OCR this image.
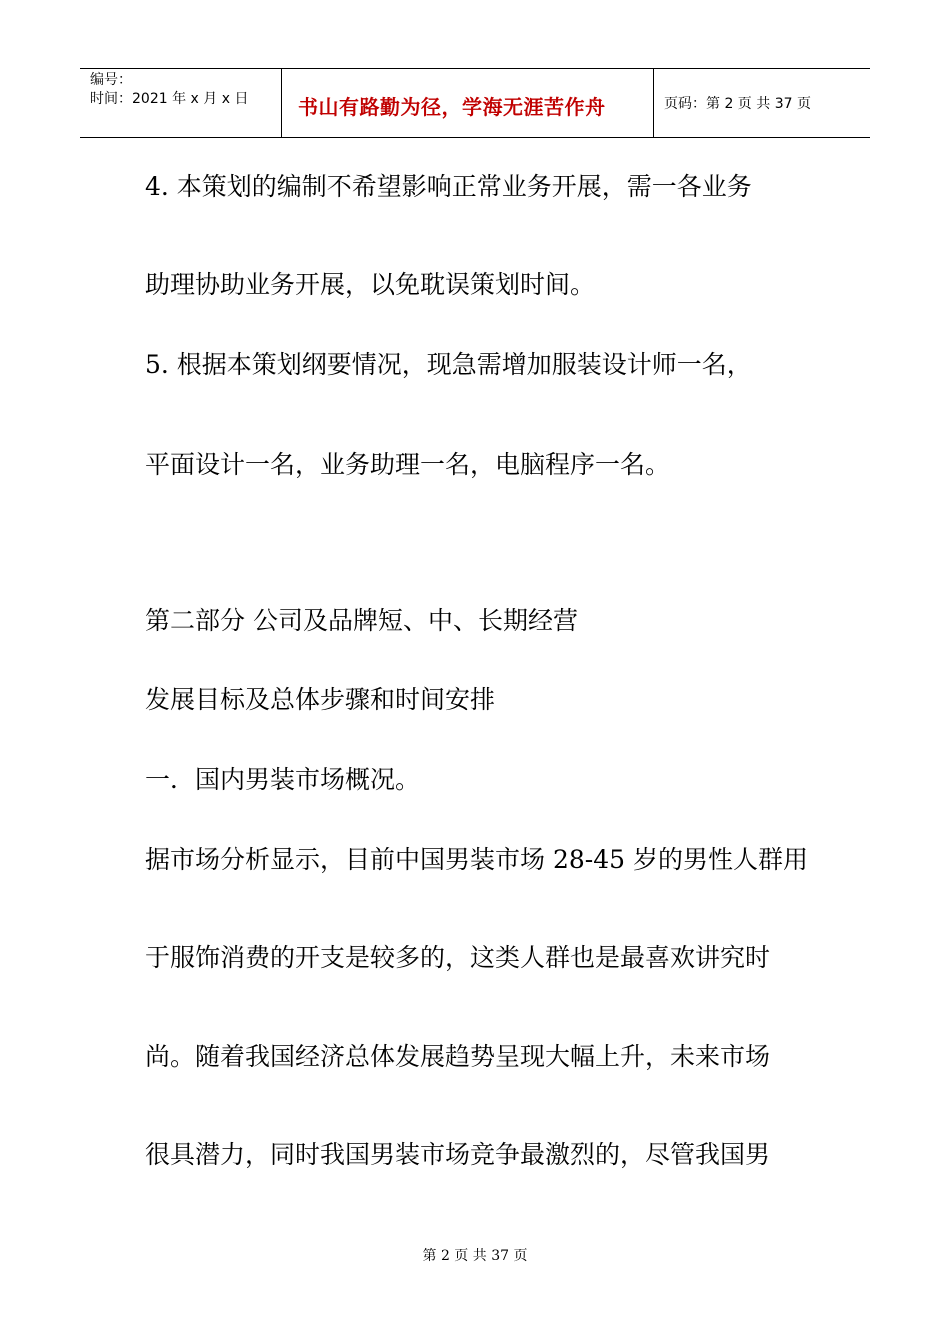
编号：
时间：2021 年 x 月 x 日	书山有路勤为径，学海无涯苦作舟	页码：第 2 页 共 37 页
4. 本策划的编制不希望影响正常业务开展，需一各业务
助理协助业务开展，以免耽误策划时间。
5. 根据本策划纲要情况，现急需增加服装设计师一名，
平面设计一名，业务助理一名，电脑程序一名。
第二部分 公司及品牌短、中、长期经营
发展目标及总体步骤和时间安排
一．国内男装市场概况。
据市场分析显示，目前中国男装市场 28-45 岁的男性人群用
于服饰消费的开支是较多的，这类人群也是最喜欢讲究时
尚。随着我国经济总体发展趋势呈现大幅上升，未来市场
很具潜力，同时我国男装市场竞争最激烈的，尽管我国男
第 2 页 共 37 页
